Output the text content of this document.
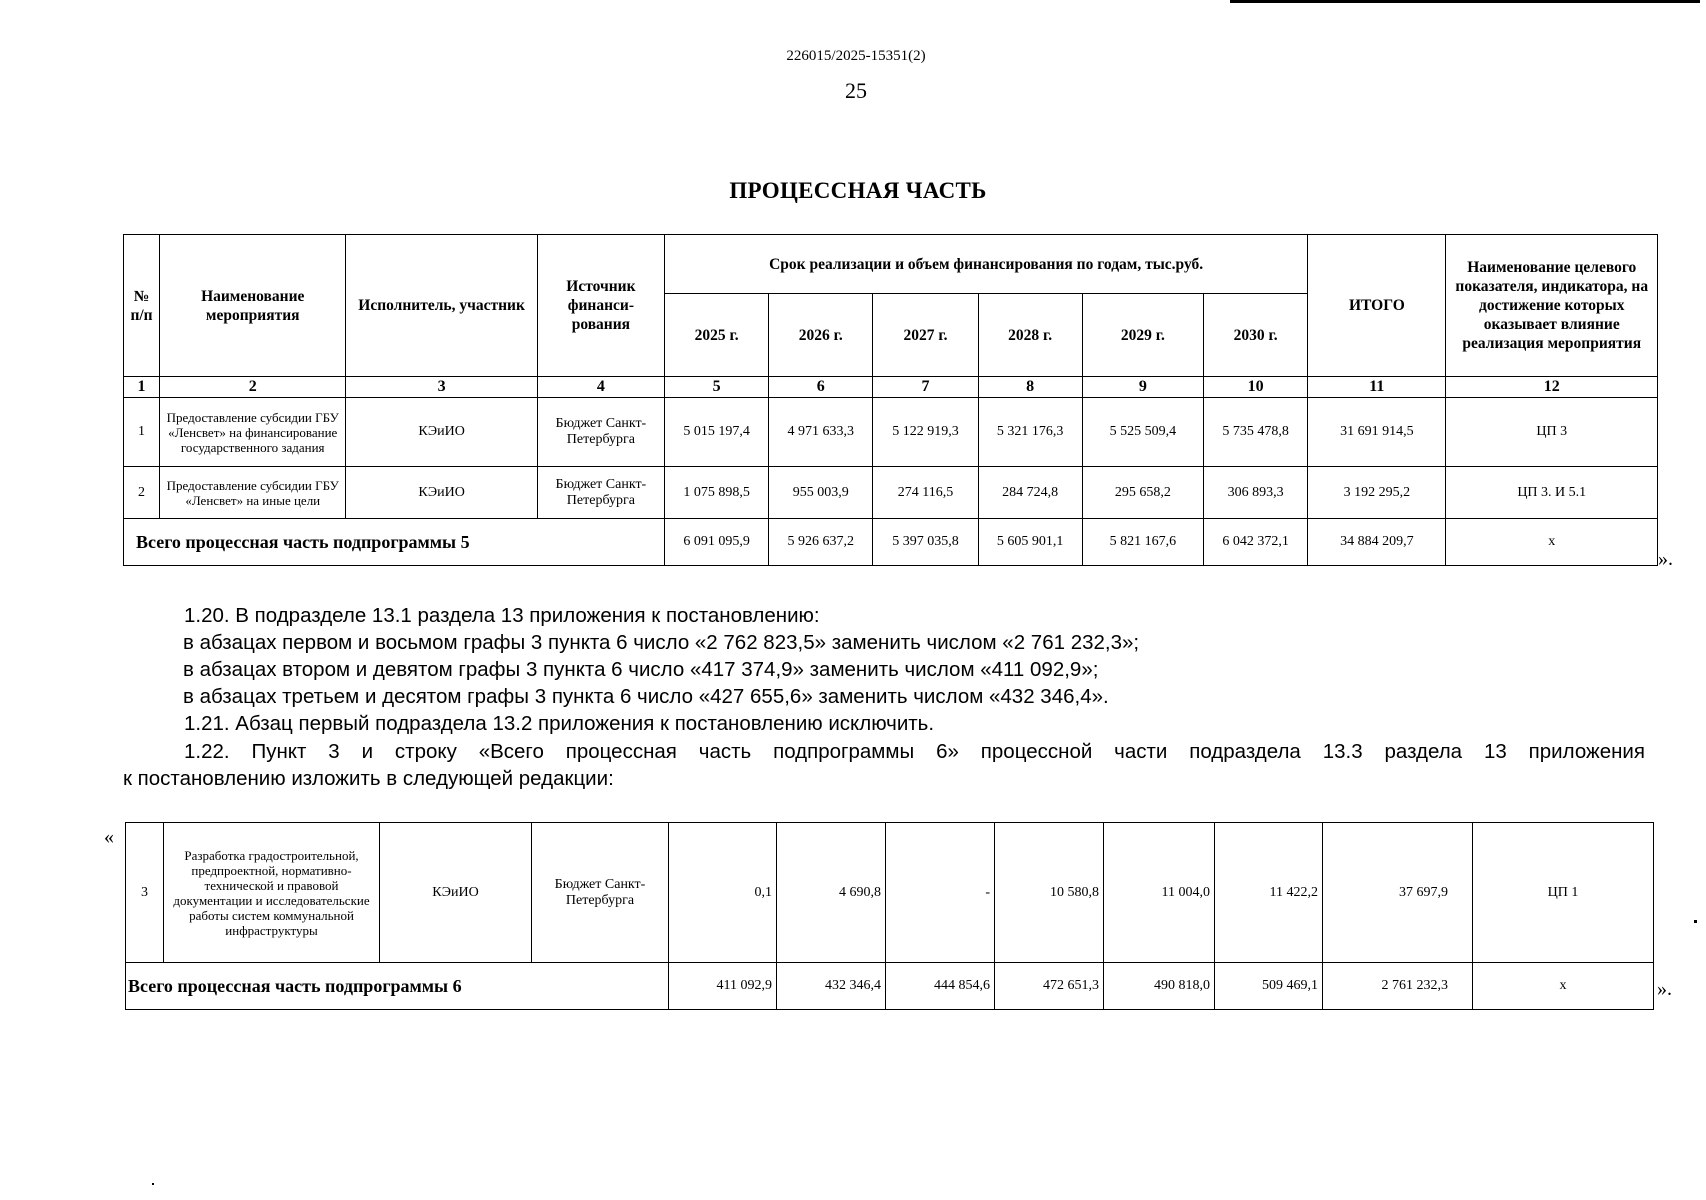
226015/2025-15351(2)
25
ПРОЦЕССНАЯ ЧАСТЬ
№ п/п	Наименование мероприятия	Исполнитель, участник	Источник финанси-рования	Срок реализации и объем финансирования по годам, тыс.руб.						ИТОГО	Наименование целевого показателя, индикатора, на достижение которых оказывает влияние реализация мероприятия
				2025 г.	2026 г.	2027 г.	2028 г.	2029 г.	2030 г.		
1	2	3	4	5	6	7	8	9	10	11	12
1	Предоставление субсидии ГБУ «Ленсвет» на финансирование государственного задания	КЭиИО	Бюджет Санкт-Петербурга	5 015 197,4	4 971 633,3	5 122 919,3	5 321 176,3	5 525 509,4	5 735 478,8	31 691 914,5	ЦП 3
2	Предоставление субсидии ГБУ «Ленсвет» на иные цели	КЭиИО	Бюджет Санкт-Петербурга	1 075 898,5	955 003,9	274 116,5	284 724,8	295 658,2	306 893,3	3 192 295,2	ЦП 3. И 5.1
Всего процессная часть подпрограммы 5				6 091 095,9	5 926 637,2	5 397 035,8	5 605 901,1	5 821 167,6	6 042 372,1	34 884 209,7	x
».
1.20. В подразделе 13.1 раздела 13 приложения к постановлению:
в абзацах первом и восьмом графы 3 пункта 6 число «2 762 823,5» заменить числом «2 761 232,3»;
в абзацах втором и девятом графы 3 пункта 6 число «417 374,9» заменить числом «411 092,9»;
в абзацах третьем и десятом графы 3 пункта 6 число «427 655,6» заменить числом «432 346,4».
1.21. Абзац первый подраздела 13.2 приложения к постановлению исключить.
1.22. Пункт 3 и строку «Всего процессная часть подпрограммы 6» процессной части подраздела 13.3 раздела 13 приложения
к постановлению изложить в следующей редакции:
«
3	Разработка градостроительной, предпроектной, нормативно-технической и правовой документации и исследовательские работы систем коммунальной инфраструктуры	КЭиИО	Бюджет Санкт-Петербурга	0,1	4 690,8	-	10 580,8	11 004,0	11 422,2	37 697,9	ЦП 1
Всего процессная часть подпрограммы 6				411 092,9	432 346,4	444 854,6	472 651,3	490 818,0	509 469,1	2 761 232,3	x	».
